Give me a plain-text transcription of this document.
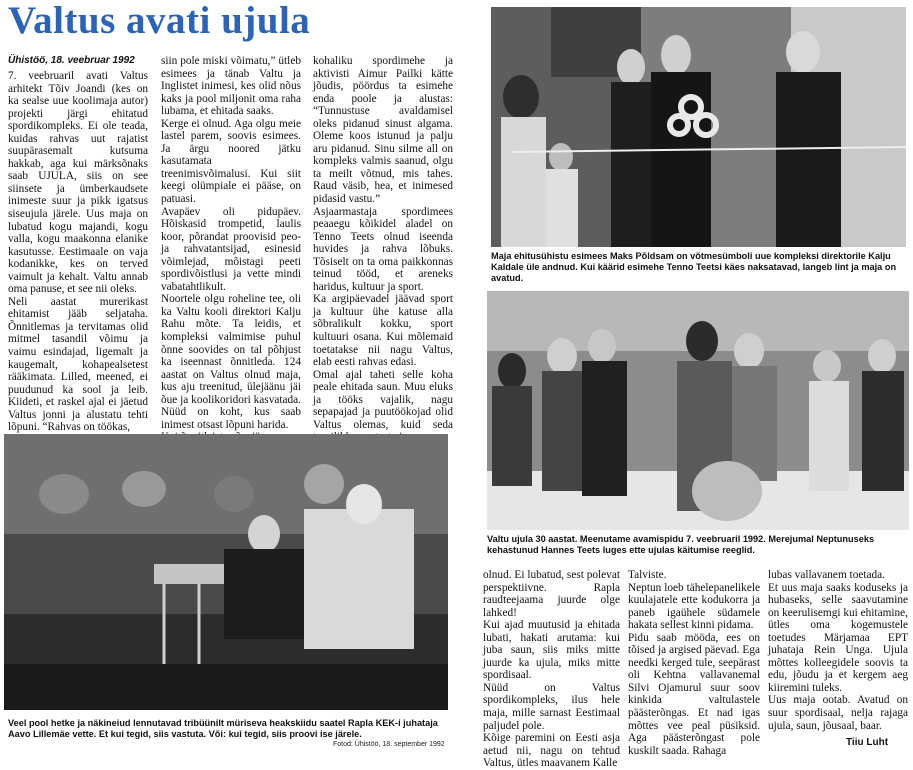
Valtus avati ujula
Ühistöö, 18. veebruar 1992

7. veebruaril avati Valtus arhitekt Tõiv Joandi (kes on ka sealse uue koolimaja autor) projekti järgi ehitatud spordikompleks. Ei ole teada, kuidas rahvas uut rajatist suupärasemalt kutsuma hakkab, aga kui märksõnaks saab UJULA, siis on see siinsete ja ümberkaudsete inimeste suur ja pikk igatsus siseujula järele. Uus maja on lubatud kogu majandi, kogu valla, kogu maakonna elanike kasutusse. Eestimaale on vaja kodanikke, kes on terved vaimult ja kehalt. Valtu annab oma panuse, et see nii oleks.
Neli aastat murerikast ehitamist jääb seljataha. Õnnitlemas ja tervitamas olid mitmel tasandil võimu ja vaimu esindajad, ligemalt ja kaugemalt, kohapealsetest rääkimata. Lilled, meened, ei puudunud ka sool ja leib. Kiideti, et raskel ajal ei jäetud Valtus jonni ja alustatu tehti lõpuni. “Rahvas on töökas,

siin pole miski võimatu,” ütleb esimees ja tänab Valtu ja Inglistet inimesi, kes olid nõus kaks ja pool miljonit oma raha lubama, et ehitada saaks.
Kerge ei olnud. Aga olgu meie lastel parem, soovis esimees. Ja ärgu noored jätku kasutamata treenimisvõimalusi. Kui siit keegi olümpiale ei pääse, on patuasi.
Avapäev oli pidupäev. Hõiskasid trompetid, laulis koor, põrandat proovisid peo- ja rahvatantsijad, esinesid võimlejad, mõistagi peeti spordivõistlusi ja vette mindi vabatahtlikult.
Noortele olgu roheline tee, oli ka Valtu kooli direktori Kalju Rahu mõte. Ta leidis, et kompleksi valmimise puhul õnne soovides on tal põhjust ka iseennast õnnitleda. 124 aastat on Valtus olnud maja, kus aju treenitud, ülejäänu jäi õue ja koolikoridori kasvatada. Nüüd on koht, kus saab inimest otsast lõpuni harida.

kohaliku spordimehe ja aktivisti Aimur Pailki kätte jõudis, pöördus ta esimehe enda poole ja alustas: “Tunnustuse avaldamisel oleks pidanud sinust algama. Oleme koos istunud ja palju aru pidanud. Sinu silme all on kompleks valmis saanud, olgu ta meilt võtnud, mis tahes. Raud väsib, hea, et inimesed pidasid vastu.”
Asjaarmastaja spordimees peaaegu kõikidel aladel on Tenno Teets olnud iseenda huvides ja rahva lõbuks. Tõsiselt on ta oma paikkonnas teinud tööd, et areneks haridus, kultuur ja sport.
Ka argipäevadel jäävad sport ja kultuur ühe katuse alla sõbralikult kokku, sport kultuuri osana. Kui mõlemaid toetatakse nii nagu Valtus, elab eesti rahvas edasi.
Omal ajal taheti selle koha peale ehitada saun. Muu eluks ja tööks vajalik, nagu sepapajad ja puutöökojad olid Valtus olemas, kuid seda

Maja ehitusühistu esimees Maks Põldsam on võtmesümboli uue kompleksi direktorile Kalju Kaldale üle andnud. Kui käärid esimehe Tenno Teetsi käes naksatavad, langeb lint ja maja on avatud.
Valtu ujula 30 aastat. Meenutame avamispidu 7. veebruaril 1992. Merejumal Neptunuseks
kehastunud Hannes Teets luges ette ujulas käitumise reeglid.
Veel pool hetke ja näkineiud lennutavad tribüünilt müriseva heakskiidu saatel Rapla KEK-i juhataja
Aavo Lillemäe vette. Et kui tegid, siis vastuta. Või: kui tegid, siis proovi ise järele.
Fotod: Ühistöö, 18. september 1992

olnud. Ei lubatud, sest polevat perspektiivne. Rapla raudteejaama juurde olge lahked!
Kui ajad muutusid ja ehitada lubati, hakati arutama: kui juba saun, siis miks mitte juurde ka ujula, miks mitte spordisaal.
Nüüd on Valtus spordikompleks, ilus hele maja, mille sarnast Eestimaal paljudel pole.
Kõige paremini on Eesti asja aetud nii, nagu on tehtud Valtus, ütles maavanem Kalle

Talviste.
Neptun loeb tähelepanelikele kuulajatele ette kodukorra ja paneb igaühele südamele hakata sellest kinni pidama.
Pidu saab mööda, ees on tõised ja argised päevad. Ega needki kerged tule, seepärast oli Kehtna vallavanemal Silvi Ojamurul suur soov kinkida valtulastele päästerõngas. Et nad igas mõttes vee peal püsiksid. Aga päästerõngast pole kuskilt saada. Rahaga

lubas vallavanem toetada.
Et uus maja saaks koduseks ja hubaseks, selle saavutamine on keerulisemgi kui ehitamine, ütles oma kogemustele toetudes Märjamaa EPT juhataja Rein Unga. Ujula mõttes kolleegidele soovis ta edu, jõudu ja et kergem aeg kiiremini tuleks.
Uus maja ootab. Avatud on suur spordisaal, nelja rajaga ujula, saun, jõusaal, baar.

Tiiu Luht
